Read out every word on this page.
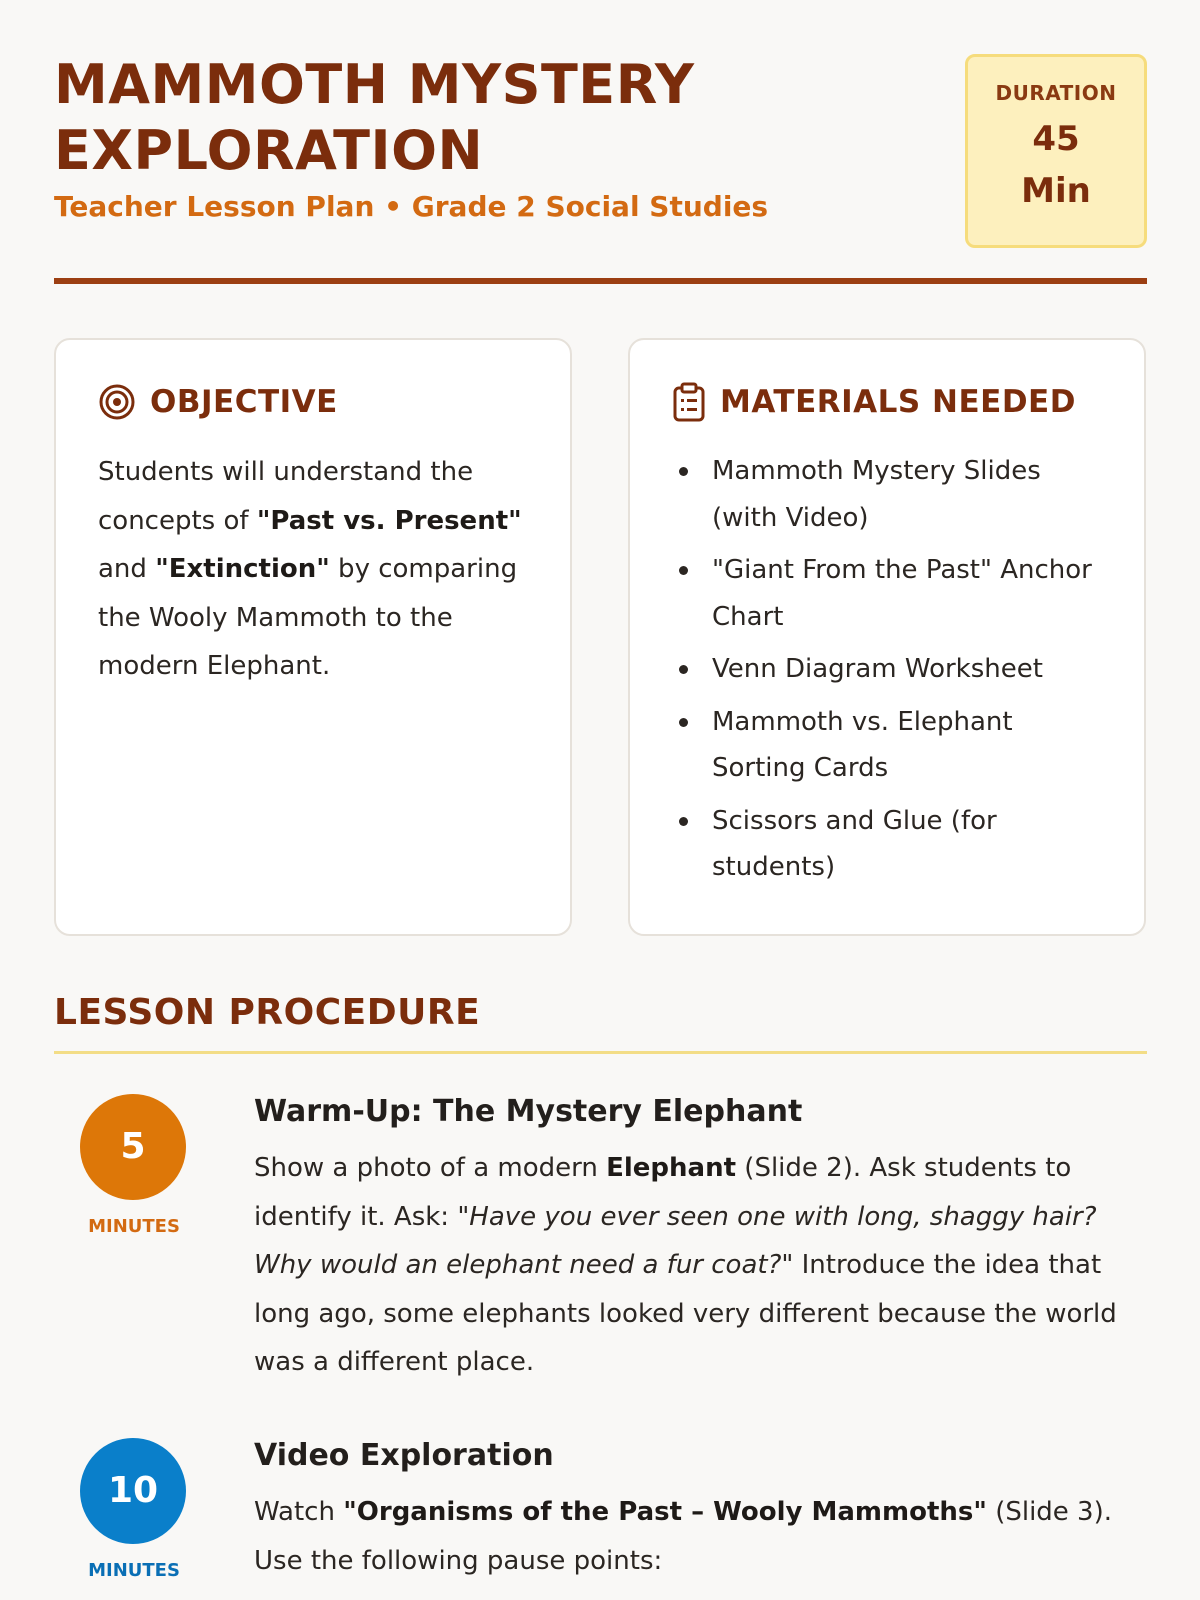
MAMMOTH MYSTERY EXPLORATION
Teacher Lesson Plan • Grade 2 Social Studies
DURATION
45
Min
OBJECTIVE
Students will understand the concepts of "Past vs. Present" and "Extinction" by comparing the Wooly Mammoth to the modern Elephant.
MATERIALS NEEDED
Mammoth Mystery Slides (with Video)
"Giant From the Past" Anchor Chart
Venn Diagram Worksheet
Mammoth vs. Elephant Sorting Cards
Scissors and Glue (for students)
LESSON PROCEDURE
5
MINUTES
Warm-Up: The Mystery Elephant
Show a photo of a modern Elephant (Slide 2). Ask students to identify it. Ask: "Have you ever seen one with long, shaggy hair? Why would an elephant need a fur coat?" Introduce the idea that long ago, some elephants looked very different because the world was a different place.
10
MINUTES
Video Exploration
Watch "Organisms of the Past – Wooly Mammoths" (Slide 3). Use the following pause points:
